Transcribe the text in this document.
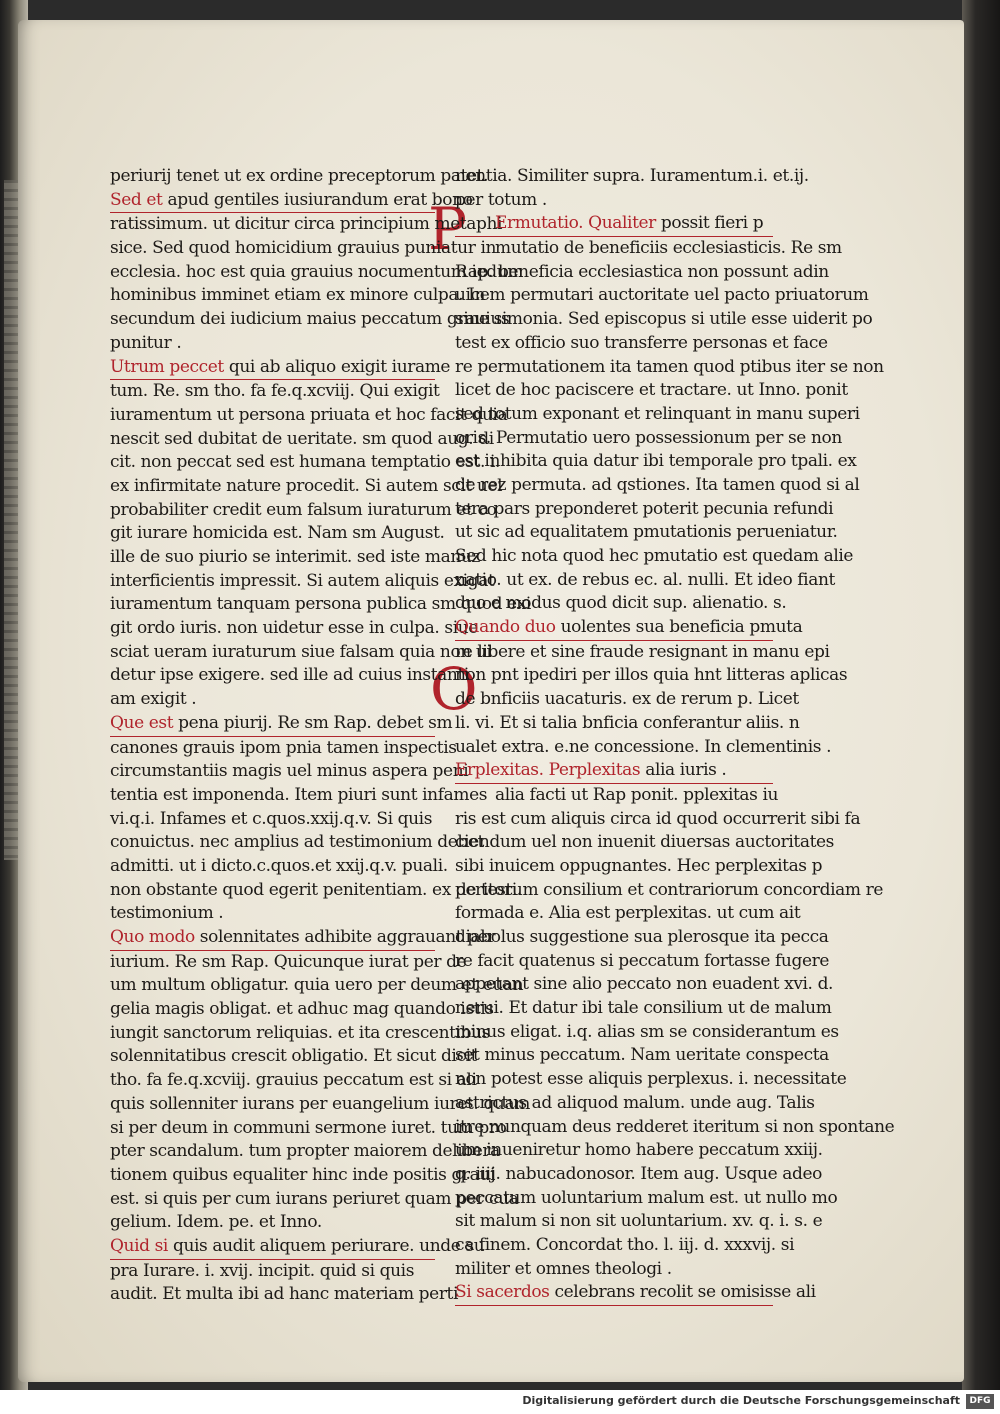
P
O
periurij tenet ut ex ordine preceptorum patet.
Sed et apud gentiles iusiurandum erat bono
ratissimum. ut dicitur circa principium metaphi
sice. Sed quod homicidium grauius puniatur in
ecclesia. hoc est quia grauius nocumentum iedum
hominibus imminet etiam ex minore culpa. In
secundum dei iudicium maius peccatum grauius
punitur .
Utrum peccet qui ab aliquo exigit iurame
tum. Re. sm tho. fa fe.q.xcviij. Qui exigit
iuramentum ut persona priuata et hoc facit quia
nescit sed dubitat de ueritate. sm quod aug. di
cit. non peccat sed est humana temptatio est. i.
ex infirmitate nature procedit. Si autem scit uel
probabiliter credit eum falsum iuraturum et co
git iurare homicida est. Nam sm August.
ille de suo piurio se interimit. sed iste manuz
interficientis impressit. Si autem aliquis exigat
iuramentum tanquam persona publica sm quod exi
git ordo iuris. non uidetur esse in culpa. siue
sciat ueram iuraturum siue falsam quia non ui
detur ipse exigere. sed ille ad cuius instanti
am exigit .
Que est pena piurij. Re sm Rap. debet sm
canones grauis ipom pnia tamen inspectis
circumstantiis magis uel minus aspera peni
tentia est imponenda. Item piuri sunt infames
vi.q.i. Infames et c.quos.xxij.q.v. Si quis
conuictus. nec amplius ad testimonium debet
admitti. ut i dicto.c.quos.et xxij.q.v. puali.
non obstante quod egerit penitentiam. ex de testi.
testimonium .
Quo modo solennitates adhibite aggrauant per
iurium. Re sm Rap. Quicunque iurat per de
um multum obligatur. quia uero per deum et euan
gelia magis obligat. et adhuc mag quando istis
iungit sanctorum reliquias. et ita crescentibus
solennitatibus crescit obligatio. Et sicut dicit
tho. fa fe.q.xcviij. grauius peccatum est si ali
quis sollenniter iurans per euangelium iuret. quam
si per deum in communi sermone iuret. tum pro
pter scandalum. tum propter maiorem delibera
tionem quibus equaliter hinc inde positis graui
est. si quis per cum iurans periuret quam per cua
gelium. Idem. pe. et Inno.
Quid si quis audit aliquem periurare. unde su
pra Iurare. i. xvij. incipit. quid si quis
audit. Et multa ibi ad hanc materiam perti
nentia. Similiter supra. Iuramentum.i. et.ij.
per totum .
Ermutatio. Qualiter possit fieri p
mutatio de beneficiis ecclesiasticis. Re sm
Rap. beneficia ecclesiastica non possunt adin
uicem permutari auctoritate uel pacto priuatorum
sine simonia. Sed episcopus si utile esse uiderit po
test ex officio suo transferre personas et face
re permutationem ita tamen quod ptibus iter se non
licet de hoc paciscere et tractare. ut Inno. ponit
sed totum exponant et relinquant in manu superi
oris. Permutatio uero possessionum per se non
est inhibita quia datur ibi temporale pro tpali. ex
de rez permuta. ad qstiones. Ita tamen quod si al
tera pars preponderet poterit pecunia refundi
ut sic ad equalitatem pmutationis perueniatur.
Sed hic nota quod hec pmutatio est quedam alie
natio. ut ex. de rebus ec. al. nulli. Et ideo fiant
duo e modus quod dicit sup. alienatio. s.
Quando duo uolentes sua beneficia pmuta
re libere et sine fraude resignant in manu epi
non pnt ipediri per illos quia hnt litteras aplicas
de bnficiis uacaturis. ex de rerum p. Licet
li. vi. Et si talia bnficia conferantur aliis. n
ualet extra. e.ne concessione. In clementinis .
Erplexitas. Perplexitas alia iuris .
alia facti ut Rap ponit. pplexitas iu
ris est cum aliquis circa id quod occurrerit sibi fa
ciendum uel non inuenit diuersas auctoritates
sibi inuicem oppugnantes. Hec perplexitas p
peritorum consilium et contrariorum concordiam re
formada e. Alia est perplexitas. ut cum ait
diabolus suggestione sua plerosque ita pecca
re facit quatenus si peccatum fortasse fugere
appetant sine alio peccato non euadent xvi. d.
nerui. Et datur ibi tale consilium ut de malum
minus eligat. i.q. alias sm se considerantum es
set minus peccatum. Nam ueritate conspecta
non potest esse aliquis perplexus. i. necessitate
astrictus ad aliquod malum. unde aug. Talis
itre nunquam deus redderet iteritum si non spontane
um inueniretur homo habere peccatum xxiij.
q. iiij. nabucadonosor. Item aug. Usque adeo
peccatum uoluntarium malum est. ut nullo mo
sit malum si non sit uoluntarium. xv. q. i. s. e
ca finem. Concordat tho. l. iij. d. xxxvij. si
militer et omnes theologi .
Si sacerdos celebrans recolit se omisisse ali
Digitalisierung gefördert durch die Deutsche Forschungsgemeinschaft	DFG
